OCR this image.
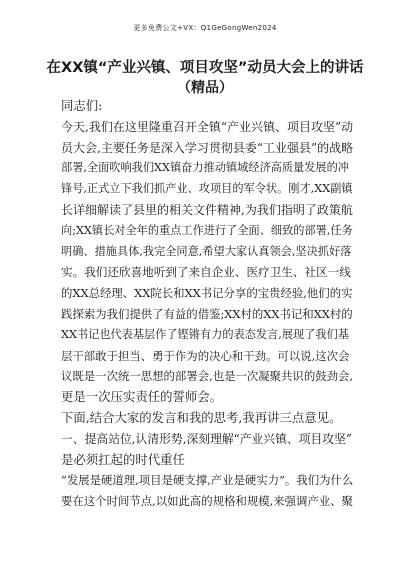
更多免费公文+VX：Q1GeGongWen2024
在XX镇“产业兴镇、项目攻坚”动员大会上的讲话
（精品）
同志们:
今天,我们在这里隆重召开全镇“产业兴镇、项目攻坚”动
员大会,主要任务是深入学习贯彻县委“工业强县”的战略
部署,全面吹响我们XX镇奋力推动镇域经济高质量发展的冲
锋号,正式立下我们抓产业、攻项目的军令状。刚才,XX副镇
长详细解读了县里的相关文件精神,为我们指明了政策航
向;XX镇长对全年的重点工作进行了全面、细致的部署,任务
明确、措施具体,我完全同意,希望大家认真领会,坚决抓好落
实。我们还欣喜地听到了来自企业、医疗卫生、社区一线
的XX总经理、XX院长和XX书记分享的宝贵经验,他们的实
践探索为我们提供了有益的借鉴;XX村的XX书记和XX村的
XX书记也代表基层作了铿锵有力的表态发言,展现了我们基
层干部敢于担当、勇于作为的决心和干劲。可以说,这次会
议既是一次统一思想的部署会,也是一次凝聚共识的鼓劲会,
更是一次压实责任的誓师会。
下面,结合大家的发言和我的思考,我再讲三点意见。
一、提高站位,认清形势,深刻理解“产业兴镇、项目攻坚”
是必须扛起的时代重任
“发展是硬道理,项目是硬支撑,产业是硬实力”。我们为什么
要在这个时间节点,以如此高的规格和规模,来强调产业、聚
